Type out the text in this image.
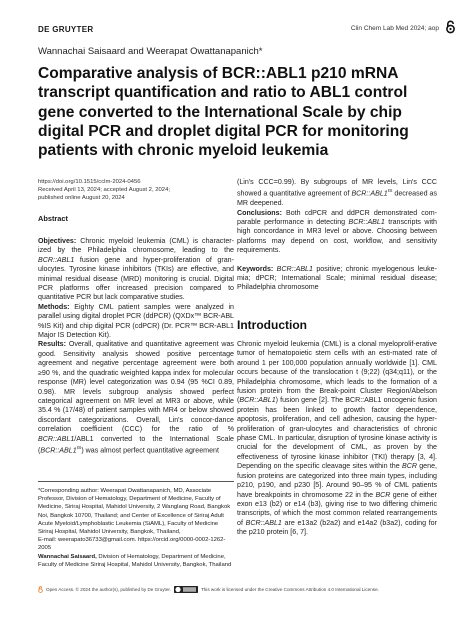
DE GRUYTER	Clin Chem Lab Med 2024; aop
Wannachai Saisaard and Weerapat Owattanapanich*
Comparative analysis of BCR::ABL1 p210 mRNA transcript quantification and ratio to ABL1 control gene converted to the International Scale by chip digital PCR and droplet digital PCR for monitoring patients with chronic myeloid leukemia
https://doi.org/10.1515/cclm-2024-0456
Received April 13, 2024; accepted August 2, 2024;
published online August 20, 2024
Abstract

Objectives: Chronic myeloid leukemia (CML) is character-ized by the Philadelphia chromosome, leading to the BCR::ABL1 fusion gene and hyper-proliferation of gran-ulocytes. Tyrosine kinase inhibitors (TKIs) are effective, and minimal residual disease (MRD) monitoring is crucial. Digital PCR platforms offer increased precision compared to quantitative PCR but lack comparative studies.

Methods: Eighty CML patient samples were analyzed in parallel using digital droplet PCR (ddPCR) (QXDx™ BCR-ABL %IS Kit) and chip digital PCR (cdPCR) (Dr. PCR™ BCR-ABL1 Major IS Detection Kit).

Results: Overall, qualitative and quantitative agreement was good. Sensitivity analysis showed positive percentage agreement and negative percentage agreement were both ≥90 %, and the quadratic weighted kappa index for molecular response (MR) level categorization was 0.94 (95 %CI 0.89, 0.98). MR levels subgroup analysis showed perfect categorical agreement on MR level at MR3 or above, while 35.4 % (17/48) of patient samples with MR4 or below showed discordant categorizations. Overall, Lin's concor-dance correlation coefficient (CCC) for the ratio of % BCR::ABL1/ABL1 converted to the International Scale $(BCR::ABL1^{IS})$ was almost perfect quantitative agreement

(Lin's CCC=0.99). By subgroups of MR levels, Lin's CCC showed a quantitative agreement of $BCR::ABL1^{IS}$ decreased as MR deepened.

Conclusions: Both cdPCR and ddPCR demonstrated com-parable performance in detecting BCR::ABL1 transcripts with high concordance in MR3 level or above. Choosing between platforms may depend on cost, workflow, and sensitivity requirements.

Keywords: BCR::ABL1 positive; chronic myelogenous leuke-mia; dPCR; International Scale; minimal residual disease; Philadelphia chromosome

Introduction
Chronic myeloid leukemia (CML) is a clonal myeloprolif-erative tumor of hematopoietic stem cells with an esti-mated rate of around 1 per 100,000 population annually worldwide [1]. CML occurs because of the translocation t (9;22) (q34;q11), or the Philadelphia chromosome, which leads to the formation of a fusion protein from the Break-point Cluster Region/Abelson (BCR::ABL1) fusion gene [2]. The BCR::ABL1 oncogenic fusion protein has been linked to growth factor dependence, apoptosis, proliferation, and cell adhesion, causing the hyper-proliferation of gran-ulocytes and characteristics of chronic phase CML. In particular, disruption of tyrosine kinase activity is crucial for the development of CML, as proven by the effectiveness of tyrosine kinase inhibitor (TKI) therapy [3, 4]. Depending on the specific cleavage sites within the BCR gene, fusion proteins are categorized into three main types, including p210, p190, and p230 [5]. Around 90–95 % of CML patients have breakpoints in chromosome 22 in the BCR gene of either exon e13 (b2) or e14 (b3), giving rise to two differing chimeric transcripts, of which the most common related rearrangements of BCR::ABL1 are e13a2 (b2a2) and e14a2 (b3a2), coding for the p210 protein [6, 7].

*Corresponding author: Weerapat Owattanapanich, MD, Associate Professor, Division of Hematology, Department of Medicine, Faculty of Medicine, Siriraj Hospital, Mahidol University, 2 Wanglang Road, Bangkok Noi, Bangkok 10700, Thailand; and Center of Excellence of Siriraj Adult Acute Myeloid/Lymphoblastic Leukemia (SiAML), Faculty of Medicine Siriraj Hospital, Mahidol University, Bangkok, Thailand,

E-mail: weerapato36733@gmail.com. https://orcid.org/0000-0002-1262-2005

Wannachai Saisaard, Division of Hematology, Department of Medicine, Faculty of Medicine Siriraj Hospital, Mahidol University, Bangkok, Thailand

Open Access. © 2024 the author(s), published by De Gruyter.	This work is licensed under the Creative Commons Attribution 4.0 International License.
